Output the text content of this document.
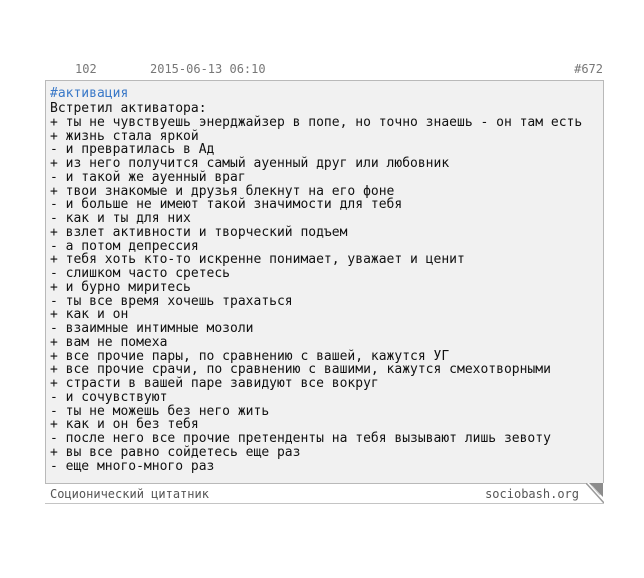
102	2015-06-13 06:10	#672
#активация
Встретил активатора:
+ ты не чувствуешь энерджайзер в попе, но точно знаешь - он там есть
+ жизнь стала яркой
- и превратилась в Ад
+ из него получится самый ауенный друг или любовник
- и такой же ауенный враг
+ твои знакомые и друзья блекнут на его фоне
- и больше не имеют такой значимости для тебя
- как и ты для них
+ взлет активности и творческий подъем
- а потом депрессия
+ тебя хоть кто-то искренне понимает, уважает и ценит
- слишком часто сретесь
+ и бурно миритесь
- ты все время хочешь трахаться
+ как и он
- взаимные интимные мозоли
+ вам не помеха
+ все прочие пары, по сравнению с вашей, кажутся УГ
+ все прочие срачи, по сравнению с вашими, кажутся смехотворными
+ страсти в вашей паре завидуют все вокруг
- и сочувствуют
- ты не можешь без него жить
+ как и он без тебя
- после него все прочие претенденты на тебя вызывают лишь зевоту
+ вы все равно сойдетесь еще раз
- еще много-много раз
Соционический цитатник	sociobash.org
